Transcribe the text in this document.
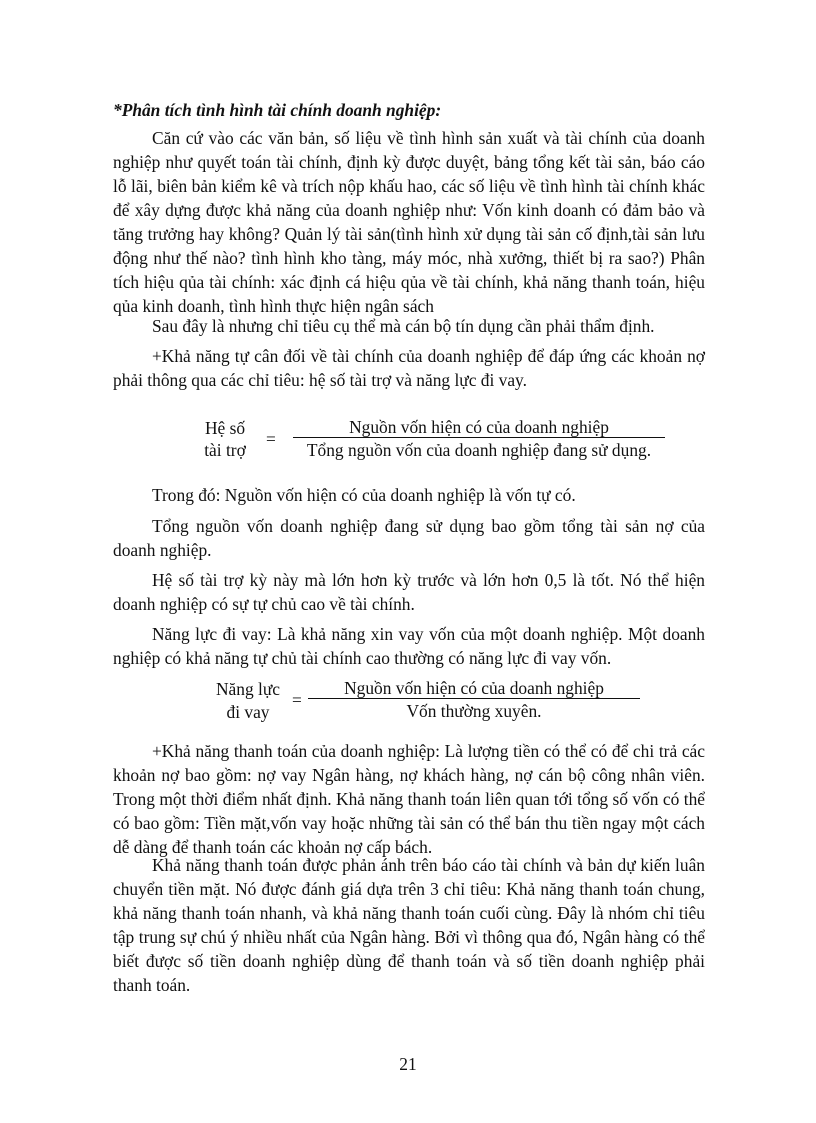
*Phân tích tình hình tài chính doanh nghiệp:

Căn cứ vào các văn bản, số liệu về tình hình sản xuất và tài chính của doanh nghiệp như quyết toán tài chính, định kỳ được duyệt, bảng tổng kết tài sản, báo cáo lỗ lãi, biên bản kiểm kê và trích nộp khấu hao, các số liệu về tình hình tài chính khác để xây dựng được khả năng của doanh nghiệp như: Vốn kinh doanh có đảm bảo và tăng trưởng hay không? Quản lý tài sản(tình hình xử dụng tài sản cố định,tài sản lưu động như thế nào? tình hình kho tàng, máy móc, nhà xưởng, thiết bị ra sao?) Phân tích hiệu qủa tài chính: xác định cá hiệu qủa về tài chính, khả năng thanh toán, hiệu qủa kinh doanh, tình hình thực hiện ngân sách

Sau đây là nhưng chỉ tiêu cụ thể mà cán bộ tín dụng cần phải thẩm định.

+Khả năng tự cân đối về tài chính của doanh nghiệp để đáp ứng các khoản nợ phải thông qua các chỉ tiêu: hệ số tài trợ và năng lực đi vay.

Hệ số
tài trợ
=
Nguồn vốn hiện có của doanh nghiệp
Tổng nguồn vốn của doanh nghiệp đang sử dụng.

Trong đó: Nguồn vốn hiện có của doanh nghiệp là vốn tự có.

Tổng nguồn vốn doanh nghiệp đang sử dụng bao gồm tổng tài sản nợ của doanh nghiệp.

Hệ số tài trợ kỳ này mà lớn hơn kỳ trước và lớn hơn 0,5 là tốt. Nó thể hiện doanh nghiệp có sự tự chủ cao về tài chính.

Năng lực đi vay: Là khả năng xin vay vốn của một doanh nghiệp. Một doanh nghiệp có khả năng tự chủ tài chính cao thường có năng lực đi vay vốn.

Năng lực
đi vay
=
Nguồn vốn hiện có của doanh nghiệp
Vốn thường xuyên.

+Khả năng thanh toán của doanh nghiệp: Là lượng tiền có thể có để chi trả các khoản nợ bao gồm: nợ vay Ngân hàng, nợ khách hàng, nợ cán bộ công nhân viên. Trong một thời điểm nhất định. Khả năng thanh toán liên quan tới tổng số vốn có thể có bao gồm: Tiền mặt,vốn vay hoặc những tài sản có thể bán thu tiền ngay một cách dễ dàng để thanh toán các khoản nợ cấp bách.

Khả năng thanh toán được phản ánh trên báo cáo tài chính và bản dự kiến luân chuyển tiền mặt. Nó được đánh giá dựa trên 3 chỉ tiêu: Khả năng thanh toán chung, khả năng thanh toán nhanh, và khả năng thanh toán cuối cùng. Đây là nhóm chỉ tiêu tập trung sự chú ý nhiều nhất của Ngân hàng. Bởi vì thông qua đó, Ngân hàng có thể biết được số tiền doanh nghiệp dùng để thanh toán và số tiền doanh nghiệp phải thanh toán.

21
